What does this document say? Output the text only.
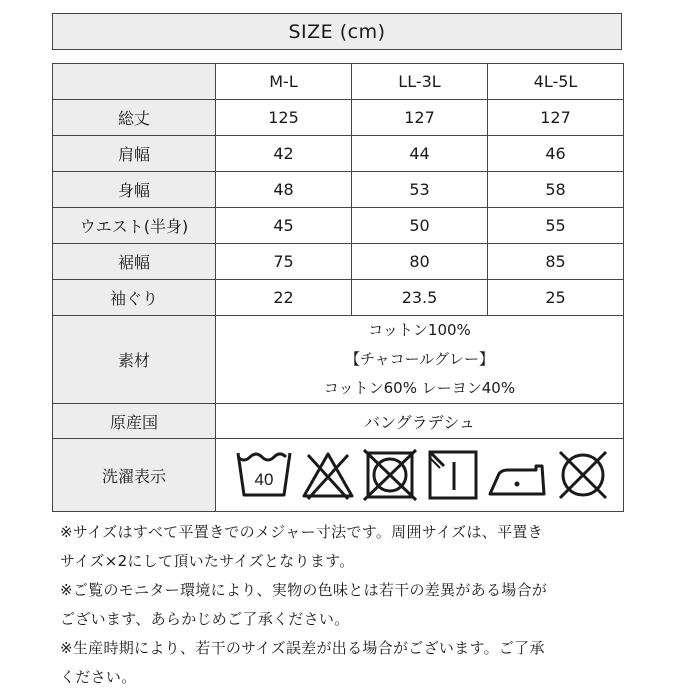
SIZE (cm)
	M-L	LL-3L	4L-5L
総丈	125	127	127
肩幅	42	44	46
身幅	48	53	58
ウエスト(半身)	45	50	55
裾幅	75	80	85
袖ぐり	22	23.5	25
素材	コットン100%
【チャコールグレー】
コットン60% レーヨン40%		

原産国	バングラデシュ		
洗濯表示	40		

※サイズはすべて平置きでのメジャー寸法です。周囲サイズは、平置き

サイズ×2にして頂いたサイズとなります。

※ご覧のモニター環境により、実物の色味とは若干の差異がある場合が

ございます、あらかじめご了承ください。

※生産時期により、若干のサイズ誤差が出る場合がございます。ご了承

ください。
